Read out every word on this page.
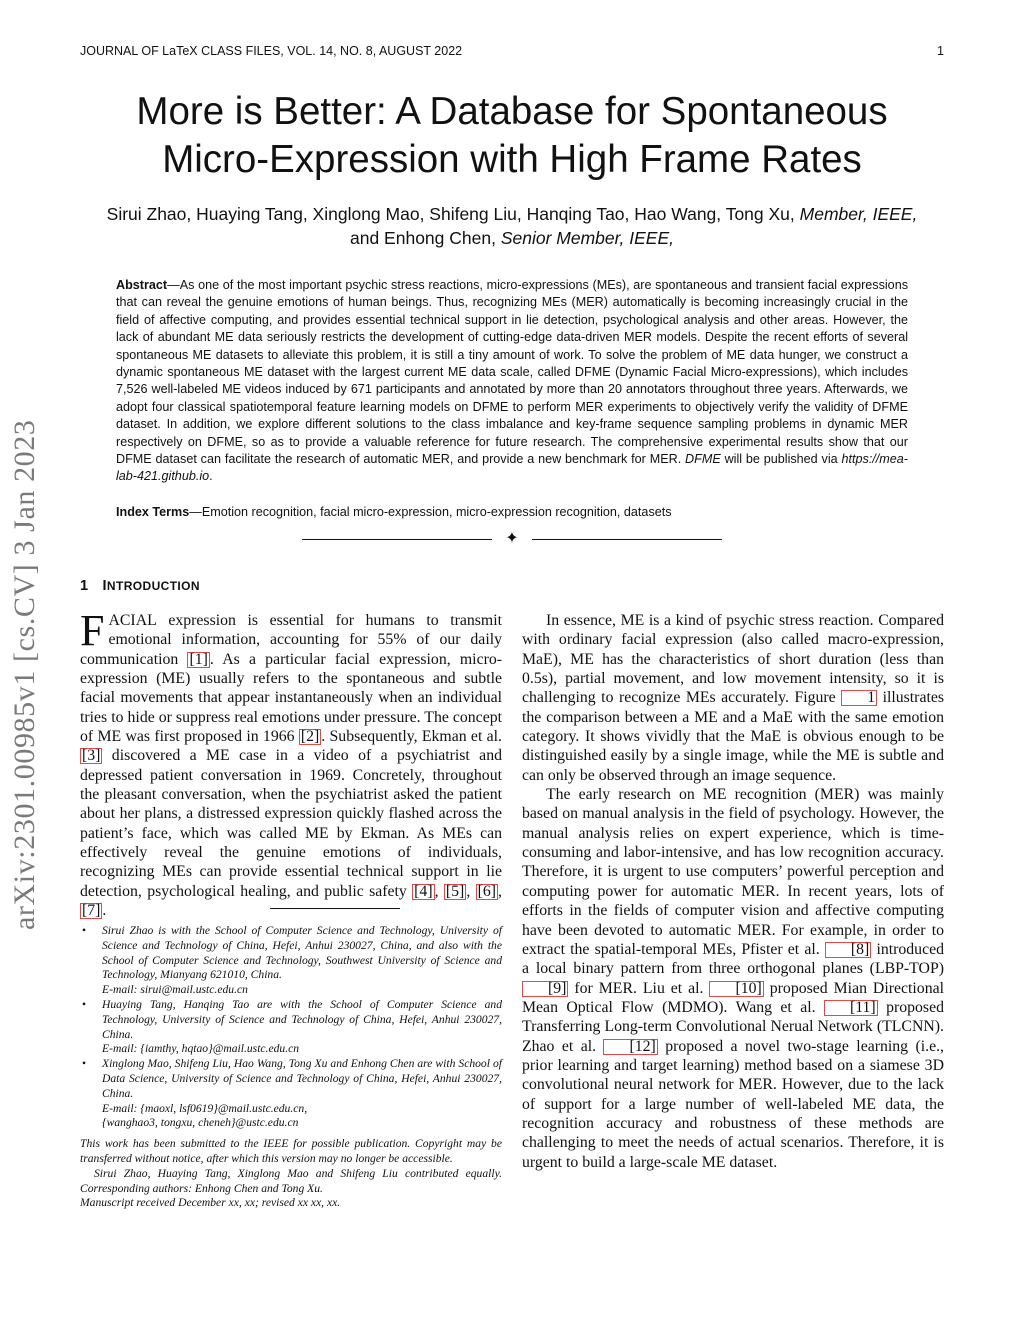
JOURNAL OF LaTeX CLASS FILES, VOL. 14, NO. 8, AUGUST 2022	1
More is Better: A Database for Spontaneous
Micro-Expression with High Frame Rates
Sirui Zhao, Huaying Tang, Xinglong Mao, Shifeng Liu, Hanqing Tao, Hao Wang, Tong Xu, Member, IEEE,
and Enhong Chen, Senior Member, IEEE,
Abstract—As one of the most important psychic stress reactions, micro-expressions (MEs), are spontaneous and transient facial expressions that can reveal the genuine emotions of human beings. Thus, recognizing MEs (MER) automatically is becoming increasingly crucial in the field of affective computing, and provides essential technical support in lie detection, psychological analysis and other areas. However, the lack of abundant ME data seriously restricts the development of cutting-edge data-driven MER models. Despite the recent efforts of several spontaneous ME datasets to alleviate this problem, it is still a tiny amount of work. To solve the problem of ME data hunger, we construct a dynamic spontaneous ME dataset with the largest current ME data scale, called DFME (Dynamic Facial Micro-expressions), which includes 7,526 well-labeled ME videos induced by 671 participants and annotated by more than 20 annotators throughout three years. Afterwards, we adopt four classical spatiotemporal feature learning models on DFME to perform MER experiments to objectively verify the validity of DFME dataset. In addition, we explore different solutions to the class imbalance and key-frame sequence sampling problems in dynamic MER respectively on DFME, so as to provide a valuable reference for future research. The comprehensive experimental results show that our DFME dataset can facilitate the research of automatic MER, and provide a new benchmark for MER. DFME will be published via https://mea-lab-421.github.io.
Index Terms—Emotion recognition, facial micro-expression, micro-expression recognition, datasets
✦
1 INTRODUCTION

FACIAL expression is essential for humans to transmit emotional information, accounting for 55% of our daily communication [1] . As a particular facial expression, micro-expression (ME) usually refers to the spontaneous and subtle facial movements that appear instantaneously when an individual tries to hide or suppress real emotions under pressure. The concept of ME was first proposed in 1966 [2] . Subsequently, Ekman et al. [3] discovered a ME case in a video of a psychiatrist and depressed patient conversation in 1969. Concretely, throughout the pleasant conversation, when the psychiatrist asked the patient about her plans, a distressed expression quickly flashed across the patient’s face, which was called ME by Ekman. As MEs can effectively reveal the genuine emotions of individuals, recognizing MEs can provide essential technical support in lie detection, psychological healing, and public safety [4] , [5] , [6] , [7] .

• Sirui Zhao is with the School of Computer Science and Technology, University of Science and Technology of China, Hefei, Anhui 230027, China, and also with the School of Computer Science and Technology, Southwest University of Science and Technology, Mianyang 621010, China.
E-mail: sirui@mail.ustc.edu.cn
• Huaying Tang, Hanqing Tao are with the School of Computer Science and Technology, University of Science and Technology of China, Hefei, Anhui 230027, China.
E-mail: {iamthy, hqtao}@mail.ustc.edu.cn
• Xinglong Mao, Shifeng Liu, Hao Wang, Tong Xu and Enhong Chen are with School of Data Science, University of Science and Technology of China, Hefei, Anhui 230027, China.
E-mail: {maoxl, lsf0619}@mail.ustc.edu.cn,
{wanghao3, tongxu, cheneh}@ustc.edu.cn

This work has been submitted to the IEEE for possible publication. Copyright may be transferred without notice, after which this version may no longer be accessible.

Sirui Zhao, Huaying Tang, Xinglong Mao and Shifeng Liu contributed equally. Corresponding authors: Enhong Chen and Tong Xu.

Manuscript received December xx, xx; revised xx xx, xx.

In essence, ME is a kind of psychic stress reaction. Compared with ordinary facial expression (also called macro-expression, MaE), ME has the characteristics of short duration (less than 0.5s), partial movement, and low movement intensity, so it is challenging to recognize MEs accurately. Figure 1 illustrates the comparison between a ME and a MaE with the same emotion category. It shows vividly that the MaE is obvious enough to be distinguished easily by a single image, while the ME is subtle and can only be observed through an image sequence.

The early research on ME recognition (MER) was mainly based on manual analysis in the field of psychology. However, the manual analysis relies on expert experience, which is time-consuming and labor-intensive, and has low recognition accuracy. Therefore, it is urgent to use computers’ powerful perception and computing power for automatic MER. In recent years, lots of efforts in the fields of computer vision and affective computing have been devoted to automatic MER. For example, in order to extract the spatial-temporal MEs, Pfister et al. [8] introduced a local binary pattern from three orthogonal planes (LBP-TOP) [9] for MER. Liu et al. [10] proposed Mian Directional Mean Optical Flow (MDMO). Wang et al. [11] proposed Transferring Long-term Convolutional Nerual Network (TLCNN). Zhao et al. [12] proposed a novel two-stage learning (i.e., prior learning and target learning) method based on a siamese 3D convolutional neural network for MER. However, due to the lack of support for a large number of well-labeled ME data, the recognition accuracy and robustness of these methods are challenging to meet the needs of actual scenarios. Therefore, it is urgent to build a large-scale ME dataset.

arXiv:2301.00985v1 [cs.CV] 3 Jan 2023
